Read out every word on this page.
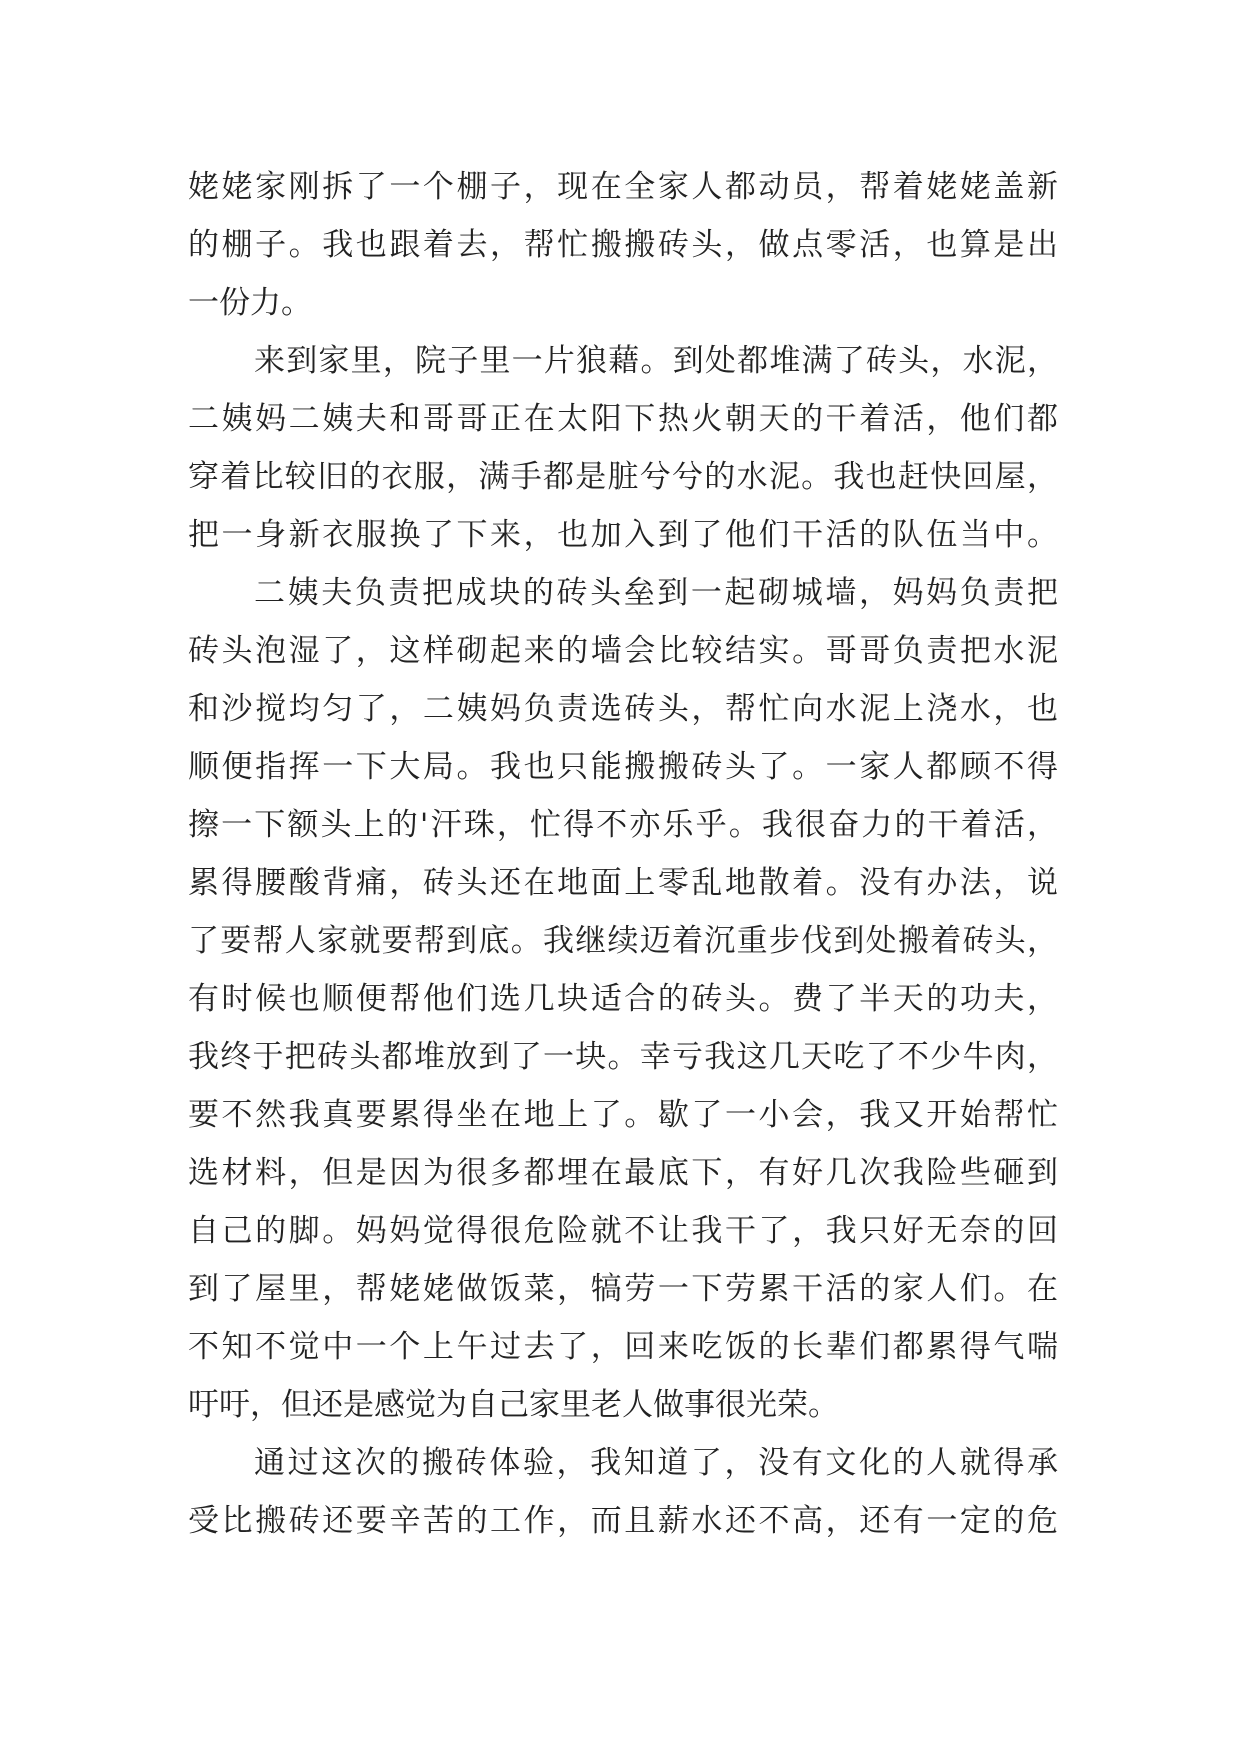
姥姥家刚拆了一个棚子，现在全家人都动员，帮着姥姥盖新
的棚子。我也跟着去，帮忙搬搬砖头，做点零活，也算是出
一份力。
来到家里，院子里一片狼藉。到处都堆满了砖头，水泥，
二姨妈二姨夫和哥哥正在太阳下热火朝天的干着活，他们都
穿着比较旧的衣服，满手都是脏兮兮的水泥。我也赶快回屋，
把一身新衣服换了下来，也加入到了他们干活的队伍当中。
二姨夫负责把成块的砖头垒到一起砌城墙，妈妈负责把
砖头泡湿了，这样砌起来的墙会比较结实。哥哥负责把水泥
和沙搅均匀了，二姨妈负责选砖头，帮忙向水泥上浇水，也
顺便指挥一下大局。我也只能搬搬砖头了。一家人都顾不得
擦一下额头上的'汗珠，忙得不亦乐乎。我很奋力的干着活，
累得腰酸背痛，砖头还在地面上零乱地散着。没有办法，说
了要帮人家就要帮到底。我继续迈着沉重步伐到处搬着砖头，
有时候也顺便帮他们选几块适合的砖头。费了半天的功夫，
我终于把砖头都堆放到了一块。幸亏我这几天吃了不少牛肉，
要不然我真要累得坐在地上了。歇了一小会，我又开始帮忙
选材料，但是因为很多都埋在最底下，有好几次我险些砸到
自己的脚。妈妈觉得很危险就不让我干了，我只好无奈的回
到了屋里，帮姥姥做饭菜，犒劳一下劳累干活的家人们。在
不知不觉中一个上午过去了，回来吃饭的长辈们都累得气喘
吁吁，但还是感觉为自己家里老人做事很光荣。
通过这次的搬砖体验，我知道了，没有文化的人就得承
受比搬砖还要辛苦的工作，而且薪水还不高，还有一定的危
